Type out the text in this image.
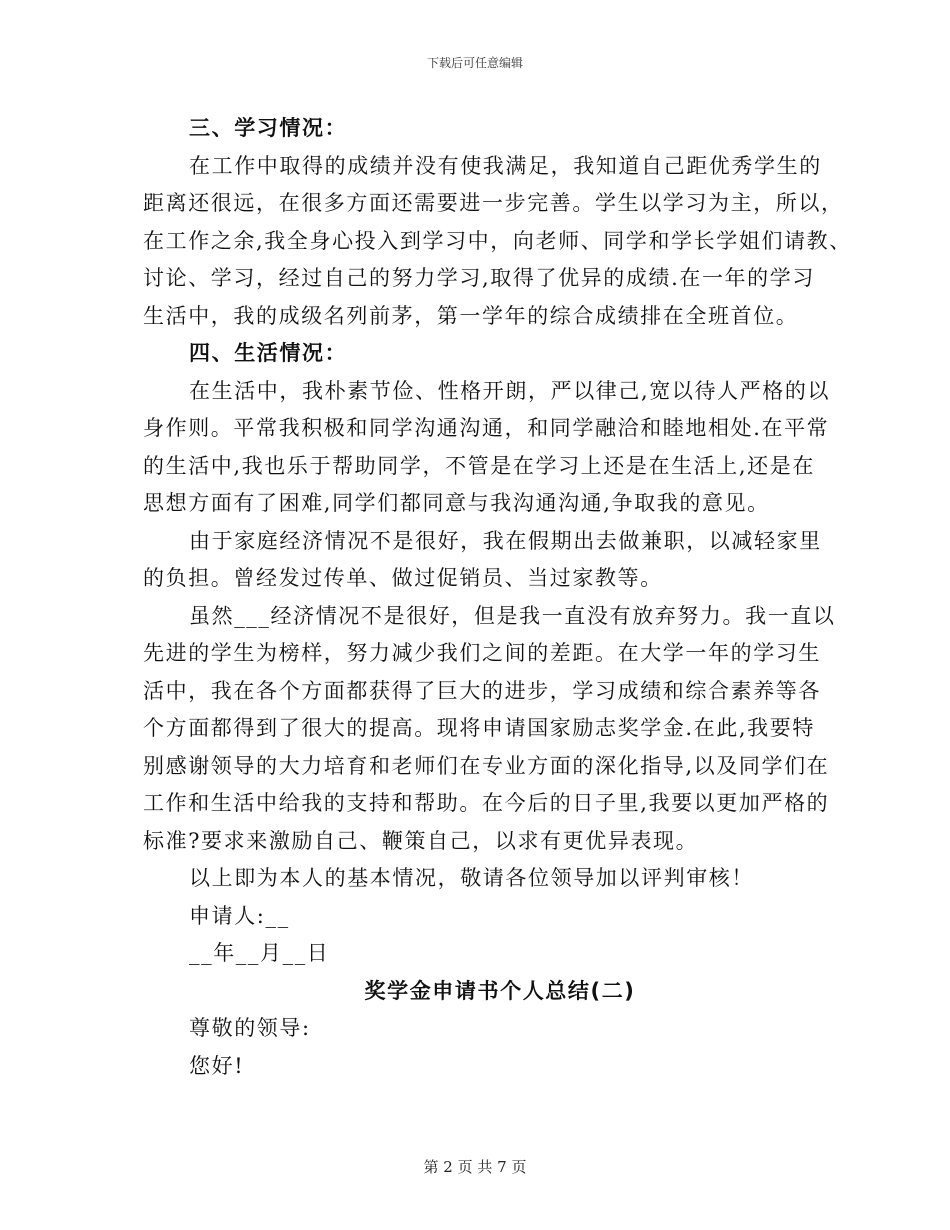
下载后可任意编辑
三、学习情况：
在工作中取得的成绩并没有使我满足，我知道自己距优秀学生的
距离还很远，在很多方面还需要进一步完善。学生以学习为主，所以，
在工作之余,我全身心投入到学习中，向老师、同学和学长学姐们请教、
讨论、学习，经过自己的努力学习,取得了优异的成绩.在一年的学习
生活中，我的成级名列前茅，第一学年的综合成绩排在全班首位。
四、生活情况：
在生活中，我朴素节俭、性格开朗，严以律己,宽以待人严格的以
身作则。平常我积极和同学沟通沟通，和同学融洽和睦地相处.在平常
的生活中,我也乐于帮助同学，不管是在学习上还是在生活上,还是在
思想方面有了困难,同学们都同意与我沟通沟通,争取我的意见。
由于家庭经济情况不是很好，我在假期出去做兼职，以减轻家里
的负担。曾经发过传单、做过促销员、当过家教等。
虽然___经济情况不是很好，但是我一直没有放弃努力。我一直以
先进的学生为榜样，努力减少我们之间的差距。在大学一年的学习生
活中，我在各个方面都获得了巨大的进步，学习成绩和综合素养等各
个方面都得到了很大的提高。现将申请国家励志奖学金.在此,我要特
别感谢领导的大力培育和老师们在专业方面的深化指导,以及同学们在
工作和生活中给我的支持和帮助。在今后的日子里,我要以更加严格的
标准?要求来激励自己、鞭策自己，以求有更优异表现。
以上即为本人的基本情况，敬请各位领导加以评判审核！
申请人:__
__年__月__日
奖学金申请书个人总结(二)
尊敬的领导:
您好!
第 2 页 共 7 页
